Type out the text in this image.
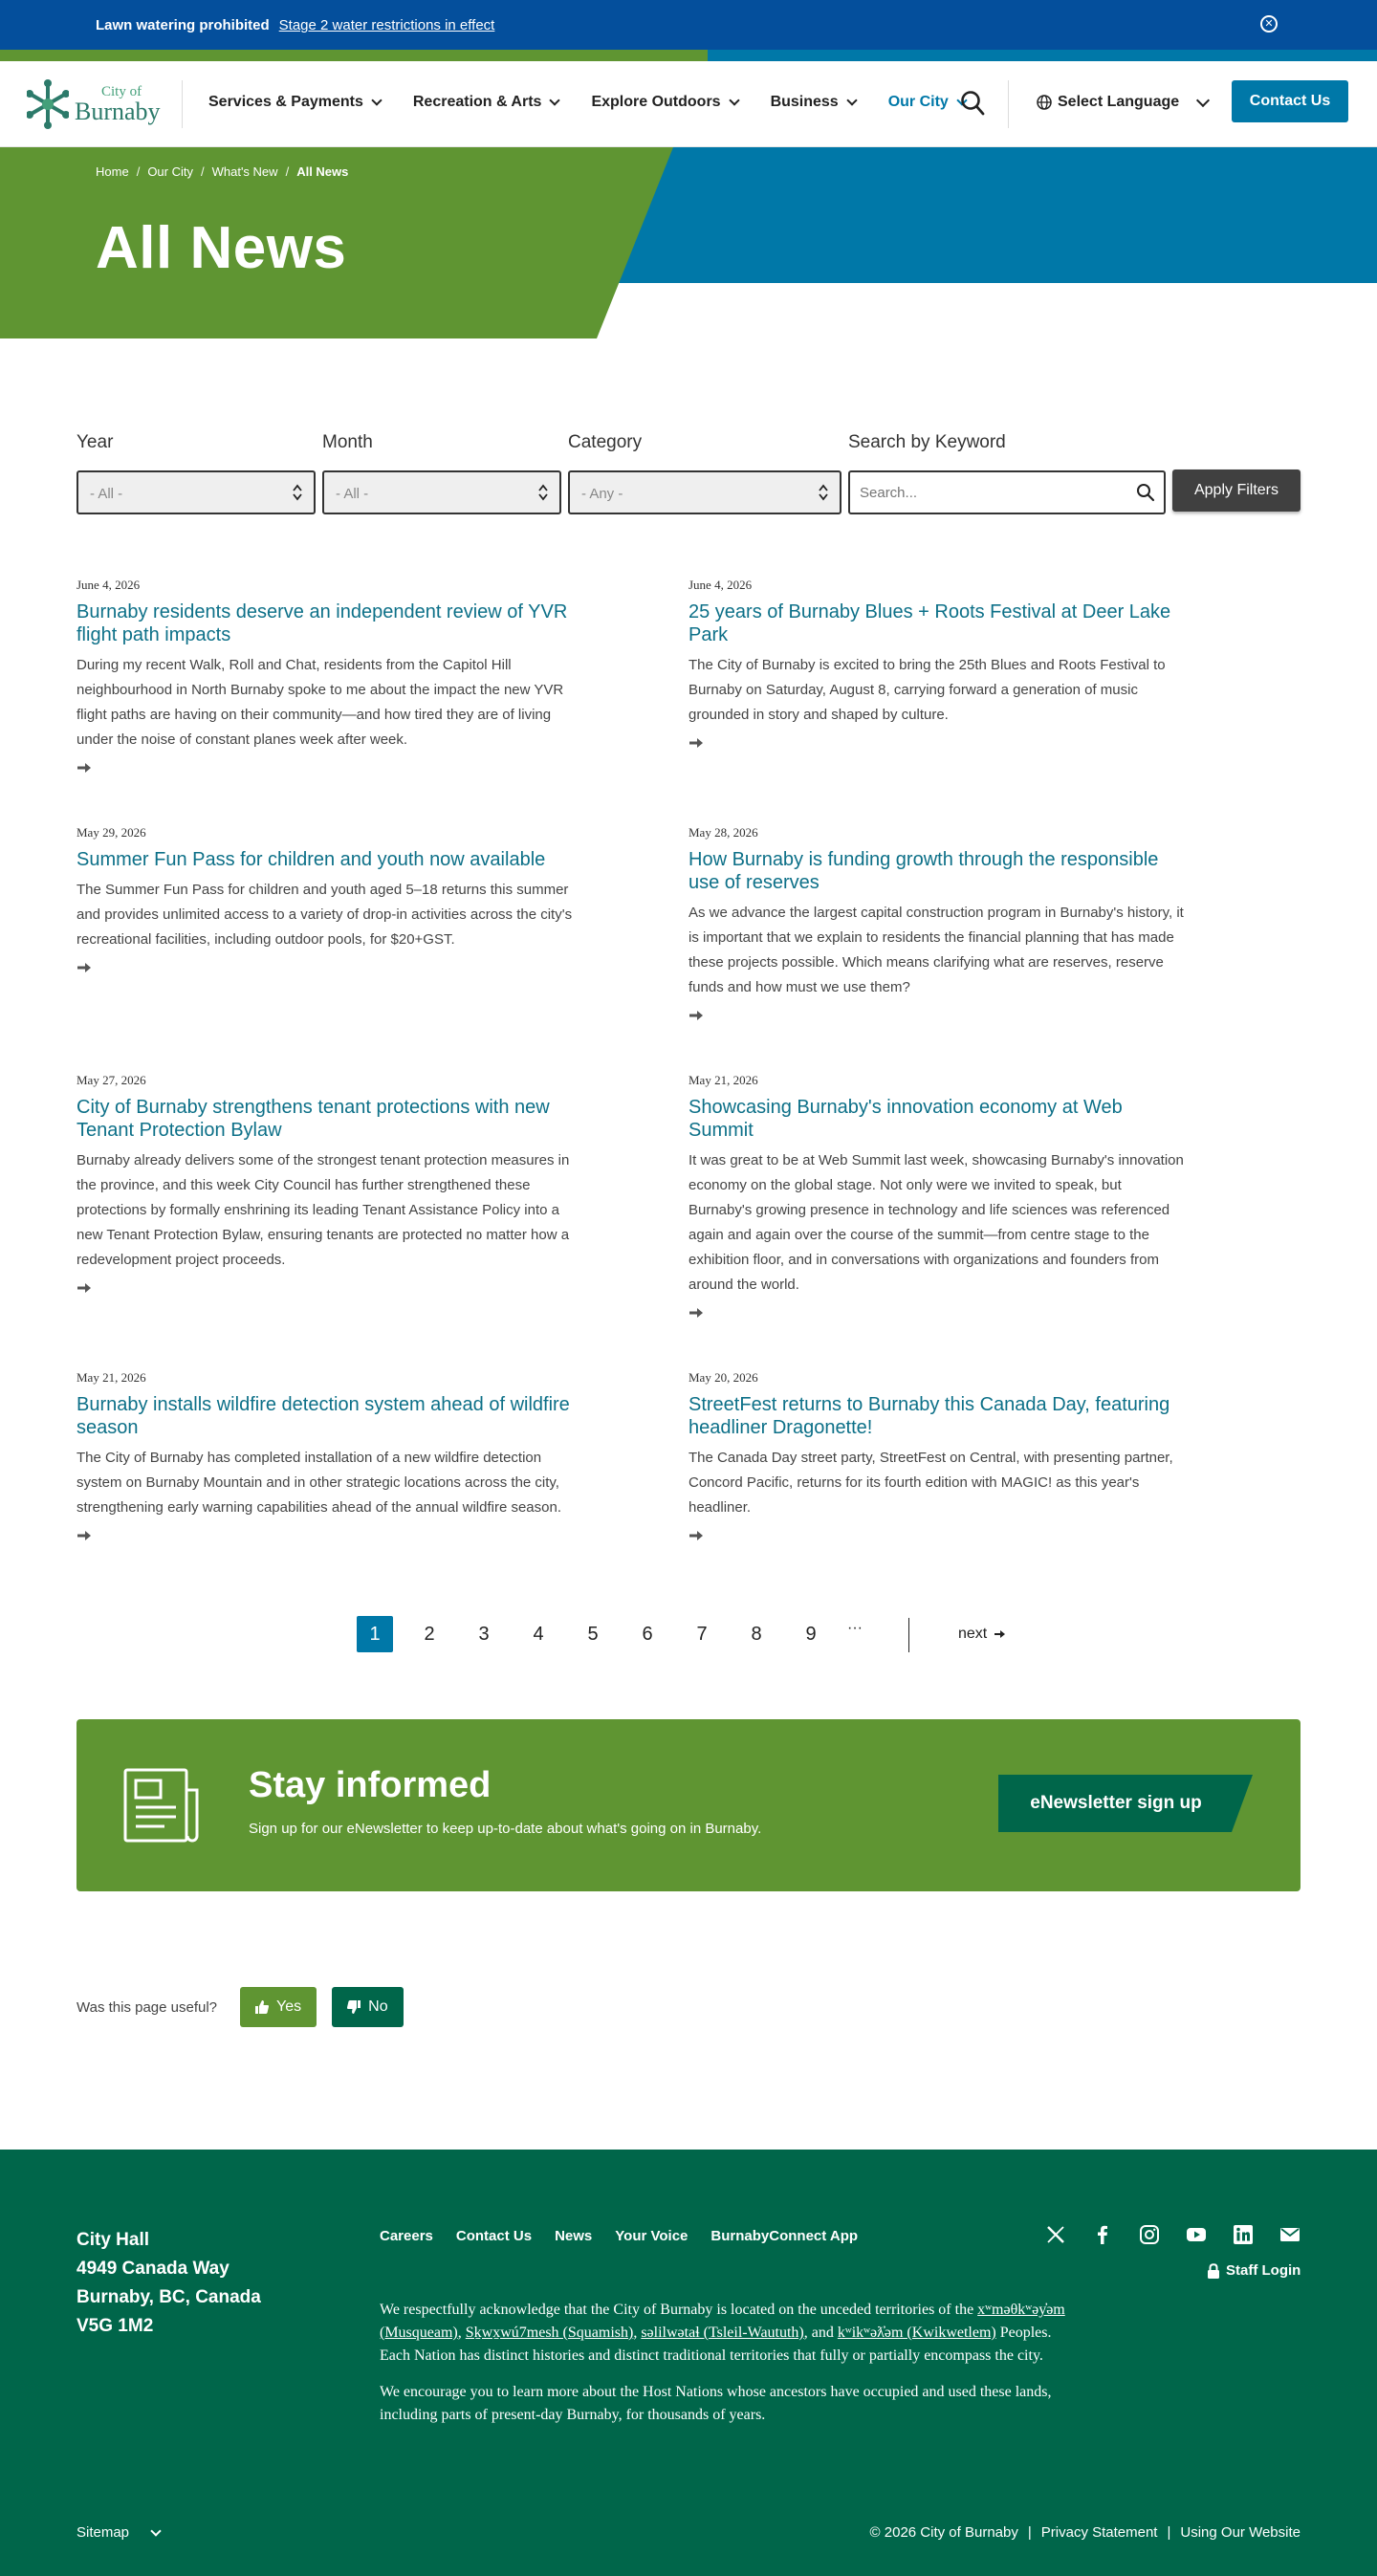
Lawn watering prohibited Stage 2 water restrictions in effect	✕
City of
Burnaby	Services & Payments	Recreation & Arts	Explore Outdoors	Business	Our City	Select Language	Contact Us
Home / Our City / What's New / All News
All News
Year
- All -
Month
- All -
Category
- Any -
Search by Keyword
Search...
Apply Filters
June 4, 2026
Burnaby residents deserve an independent review of YVR flight path impacts
During my recent Walk, Roll and Chat, residents from the Capitol Hill neighbourhood in North Burnaby spoke to me about the impact the new YVR flight paths are having on their community—and how tired they are of living under the noise of constant planes week after week.
June 4, 2026
25 years of Burnaby Blues + Roots Festival at Deer Lake Park
The City of Burnaby is excited to bring the 25th Blues and Roots Festival to Burnaby on Saturday, August 8, carrying forward a generation of music grounded in story and shaped by culture.
May 29, 2026
Summer Fun Pass for children and youth now available
The Summer Fun Pass for children and youth aged 5–18 returns this summer and provides unlimited access to a variety of drop-in activities across the city's recreational facilities, including outdoor pools, for $20+GST.
May 28, 2026
How Burnaby is funding growth through the responsible use of reserves
As we advance the largest capital construction program in Burnaby's history, it is important that we explain to residents the financial planning that has made these projects possible. Which means clarifying what are reserves, reserve funds and how must we use them?
May 27, 2026
City of Burnaby strengthens tenant protections with new Tenant Protection Bylaw
Burnaby already delivers some of the strongest tenant protection measures in the province, and this week City Council has further strengthened these protections by formally enshrining its leading Tenant Assistance Policy into a new Tenant Protection Bylaw, ensuring tenants are protected no matter how a redevelopment project proceeds.
May 21, 2026
Showcasing Burnaby's innovation economy at Web Summit
It was great to be at Web Summit last week, showcasing Burnaby's innovation economy on the global stage. Not only were we invited to speak, but Burnaby's growing presence in technology and life sciences was referenced again and again over the course of the summit—from centre stage to the exhibition floor, and in conversations with organizations and founders from around the world.
May 21, 2026
Burnaby installs wildfire detection system ahead of wildfire season
The City of Burnaby has completed installation of a new wildfire detection system on Burnaby Mountain and in other strategic locations across the city, strengthening early warning capabilities ahead of the annual wildfire season.
May 20, 2026
StreetFest returns to Burnaby this Canada Day, featuring headliner Dragonette!
The Canada Day street party, StreetFest on Central, with presenting partner, Concord Pacific, returns for its fourth edition with MAGIC! as this year's headliner.
1	2	3	4	5	6	7	8	9	···	next
Stay informed

Sign up for our eNewsletter to keep up-to-date about what's going on in Burnaby.

eNewsletter sign up
Was this page useful?	Yes	No
City Hall
4949 Canada Way
Burnaby, BC, Canada
V5G 1M2
Careers Contact Us News Your Voice BurnabyConnect App
Staff Login

We respectfully acknowledge that the City of Burnaby is located on the unceded territories of the xʷməθkʷəy̓əm (Musqueam), Sḵwx̱wú7mesh (Squamish), səlilwətaɬ (Tsleil-Waututh), and kʷikʷəƛ̓əm (Kwikwetlem) Peoples. Each Nation has distinct histories and distinct traditional territories that fully or partially encompass the city.

We encourage you to learn more about the Host Nations whose ancestors have occupied and used these lands, including parts of present-day Burnaby, for thousands of years.

Sitemap	© 2026 City of Burnaby | Privacy Statement | Using Our Website
